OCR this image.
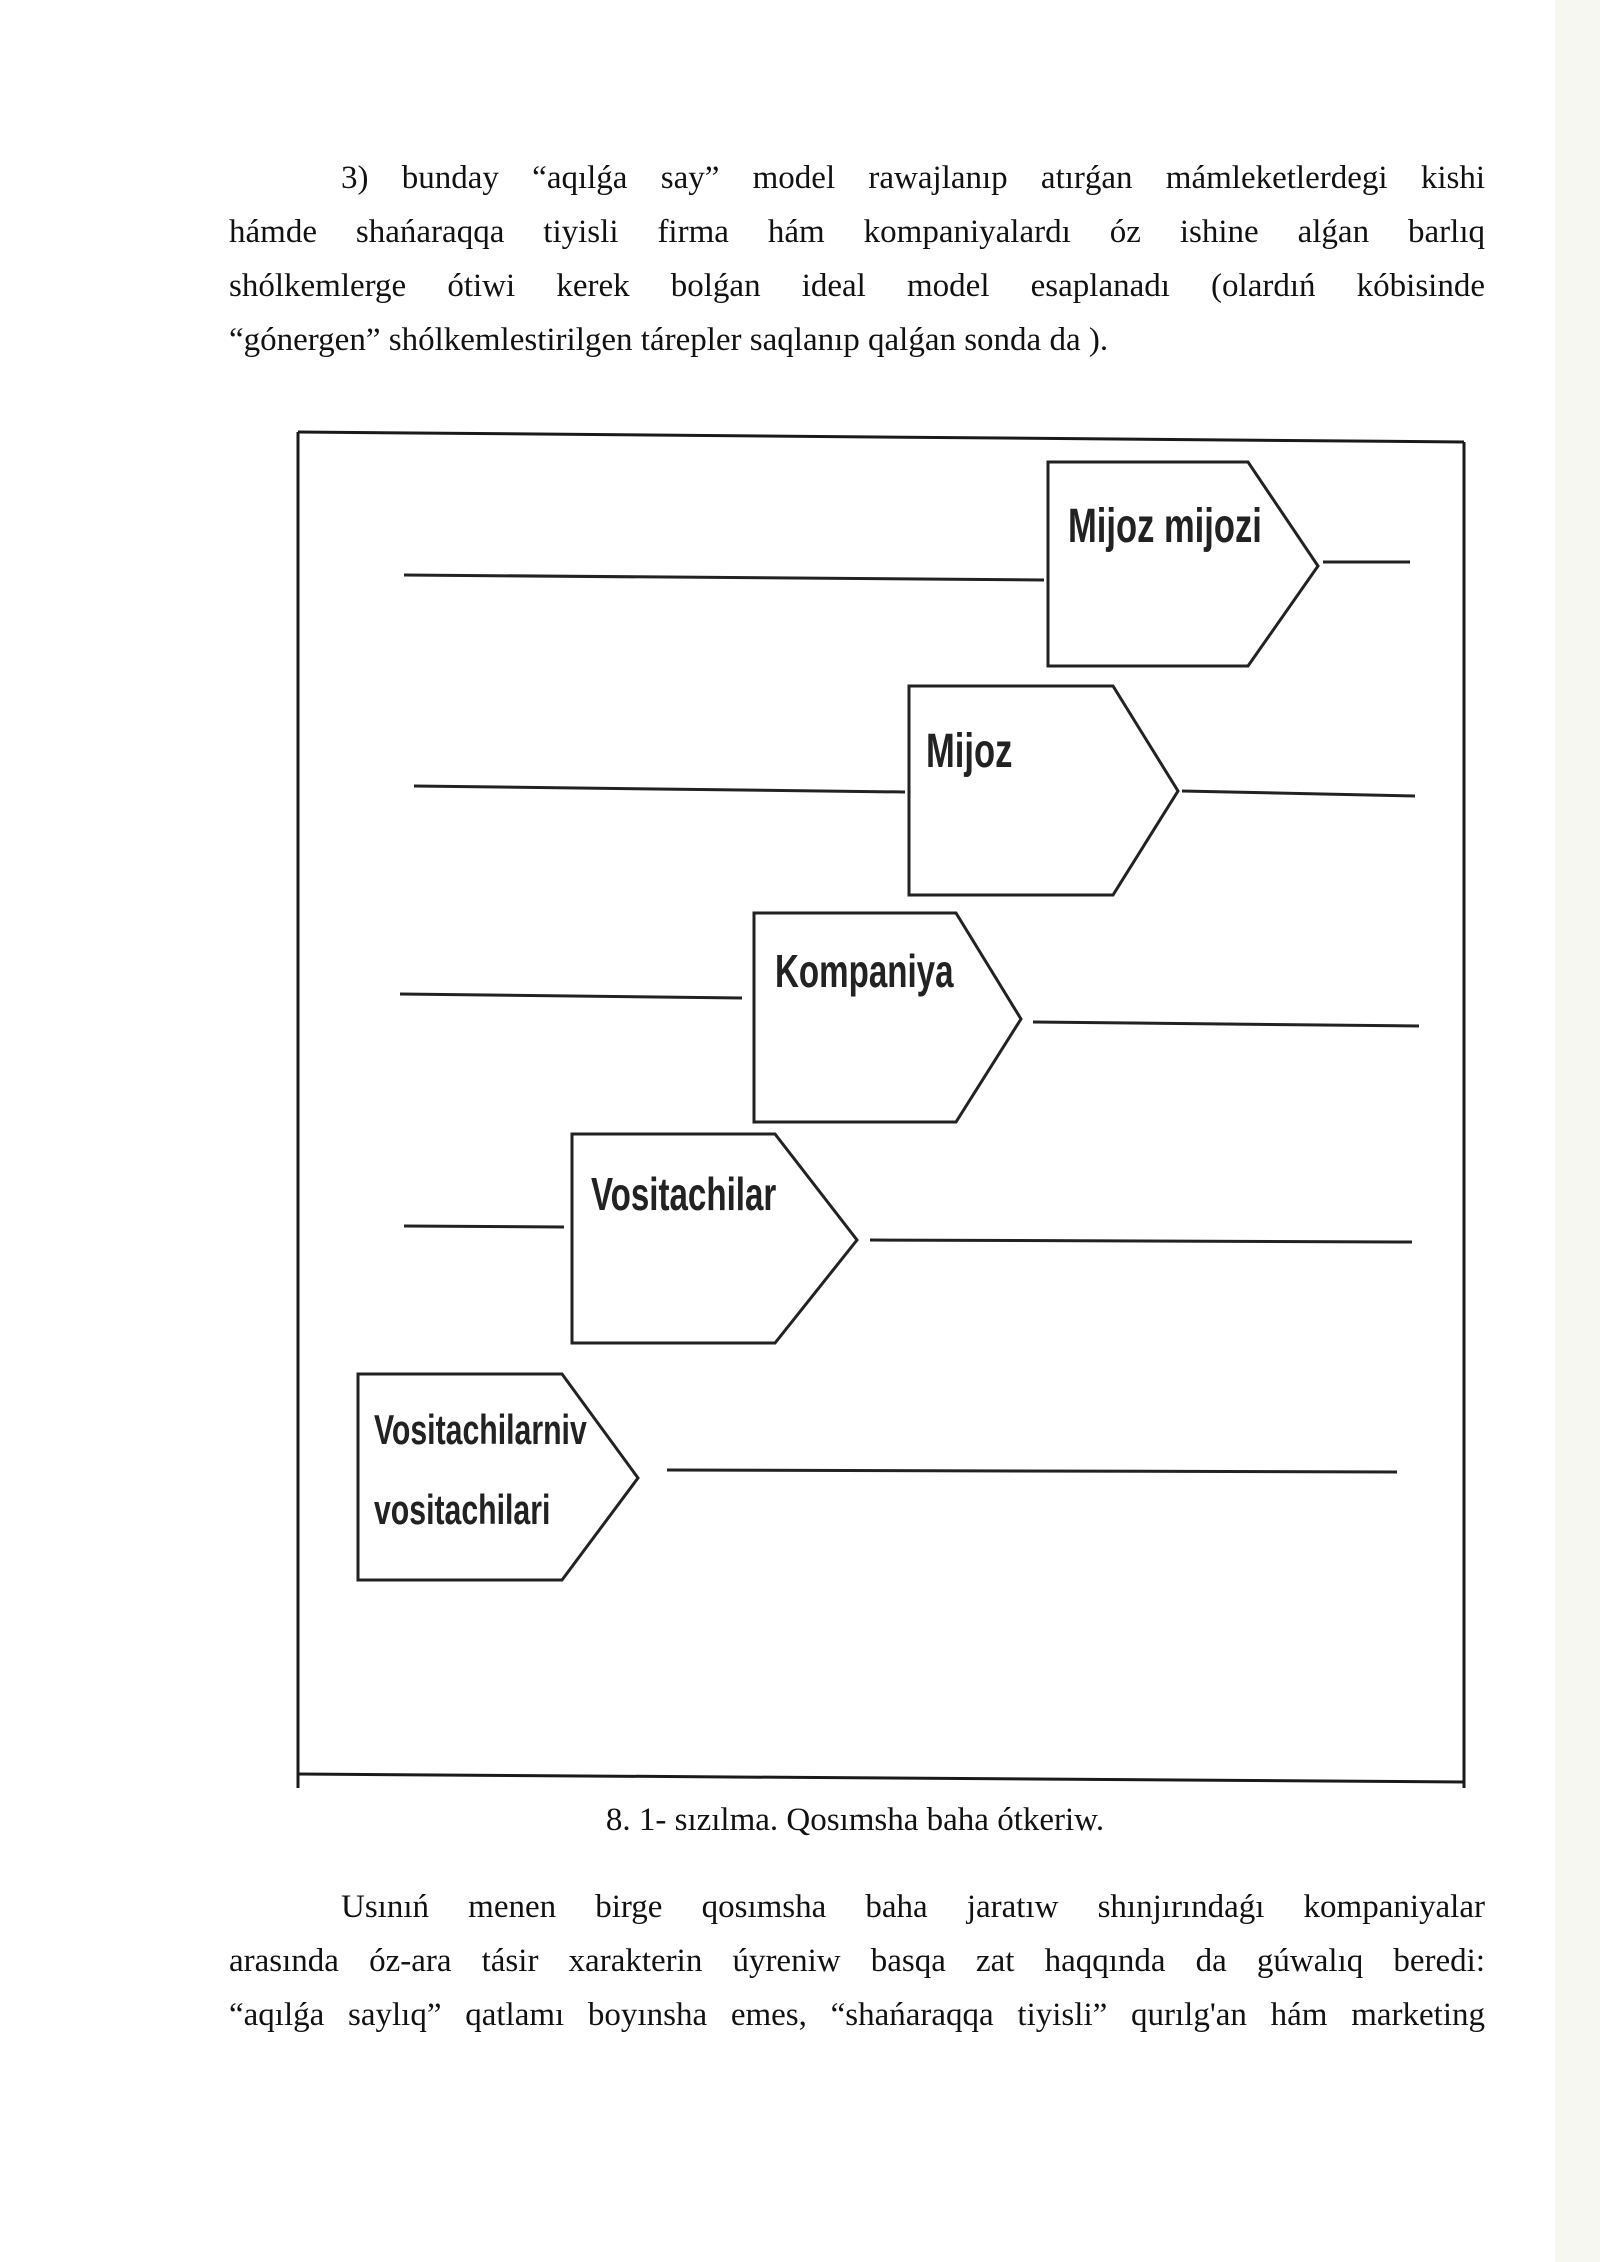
3) bunday “aqılǵa say” model rawajlanıp atırǵan mámleketlerdegi kishi
hámde shańaraqqa tiyisli firma hám kompaniyalardı óz ishine alǵan barlıq
shólkemlerge ótiwi kerek bolǵan ideal model esaplanadı (olardıń kóbisinde
“gónergen” shólkemlestirilgen tárepler saqlanıp qalǵan sonda da ).
Mijoz mijozi
Mijoz
Kompaniya
Vositachilar
Vositachilarniv
vositachilari
8. 1- sızılma. Qosımsha baha ótkeriw.
Usınıń menen birge qosımsha baha jaratıw shınjırındaǵı kompaniyalar
arasında óz-ara tásir xarakterin úyreniw basqa zat haqqında da gúwalıq beredi:
“aqılǵa saylıq” qatlamı boyınsha emes, “shańaraqqa tiyisli” qurılg'an hám marketing
